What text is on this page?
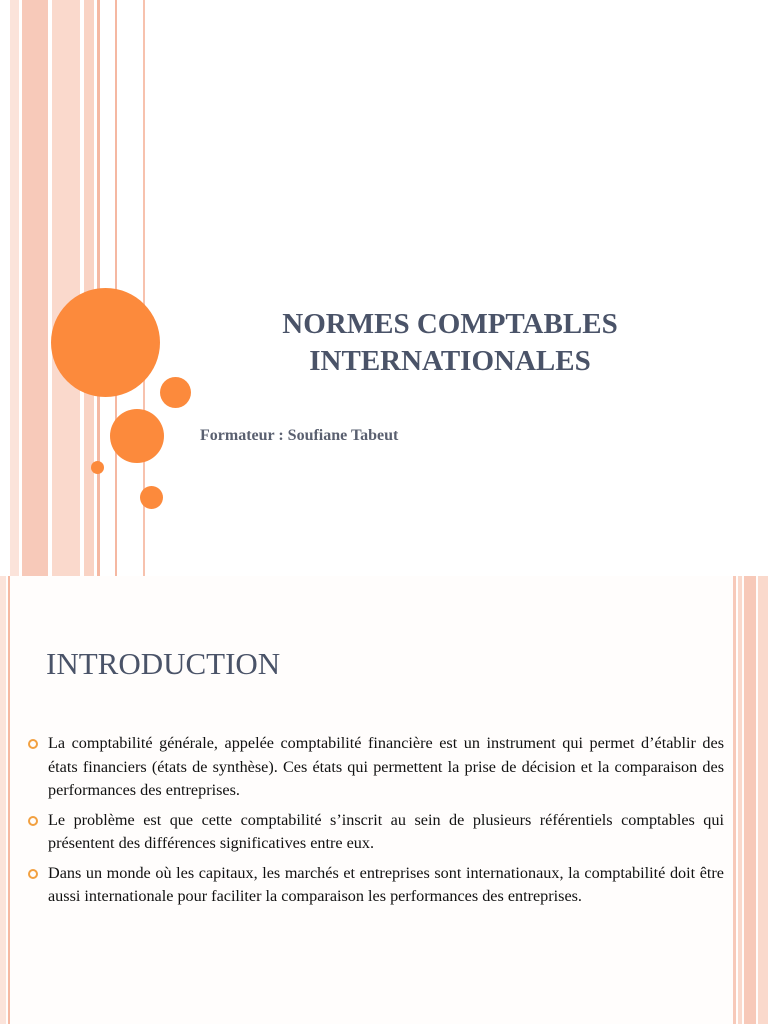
NORMES COMPTABLES
INTERNATIONALES

Formateur : Soufiane Tabeut

INTRODUCTION
La comptabilité générale, appelée comptabilité financière est un instrument qui permet d’établir des états financiers (états de synthèse). Ces états qui permettent la prise de décision et la comparaison des performances des entreprises.
Le problème est que cette comptabilité s’inscrit au sein de plusieurs référentiels comptables qui présentent des différences significatives entre eux.
Dans un monde où les capitaux, les marchés et entreprises sont internationaux, la comptabilité doit être aussi internationale pour faciliter la comparaison les performances des entreprises.
